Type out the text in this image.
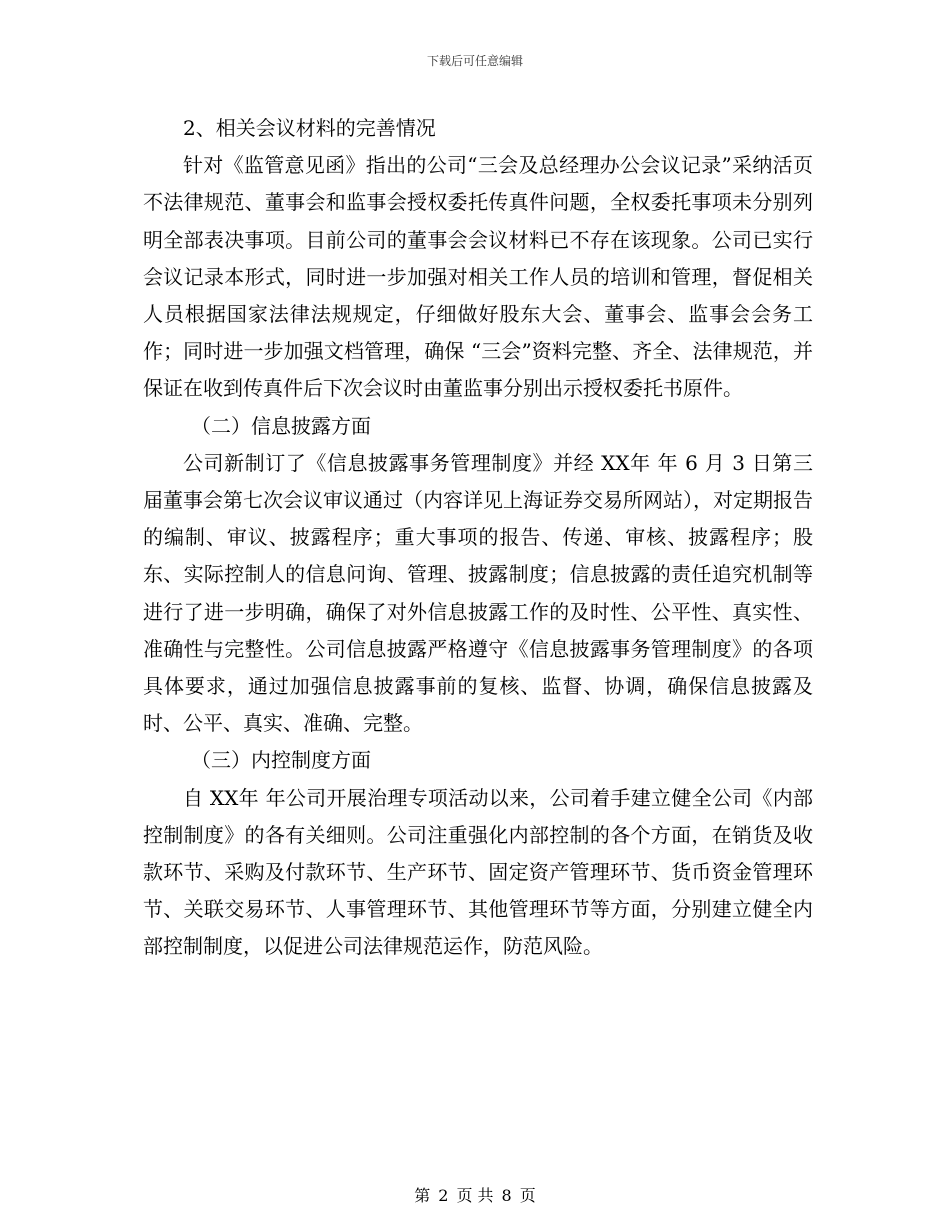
下载后可任意编辑

2、相关会议材料的完善情况

针对《监管意见函》指出的公司“三会及总经理办公会议记录”采纳活页不法律规范、董事会和监事会授权委托传真件问题，全权委托事项未分别列明全部表决事项。目前公司的董事会会议材料已不存在该现象。公司已实行会议记录本形式，同时进一步加强对相关工作人员的培训和管理，督促相关人员根据国家法律法规规定，仔细做好股东大会、董事会、监事会会务工作；同时进一步加强文档管理，确保 “三会”资料完整、齐全、法律规范，并保证在收到传真件后下次会议时由董监事分别出示授权委托书原件。

（二）信息披露方面

公司新制订了《信息披露事务管理制度》并经 XX年 年 6 月 3 日第三届董事会第七次会议审议通过（内容详见上海证券交易所网站），对定期报告的编制、审议、披露程序；重大事项的报告、传递、审核、披露程序；股东、实际控制人的信息问询、管理、披露制度；信息披露的责任追究机制等进行了进一步明确，确保了对外信息披露工作的及时性、公平性、真实性、准确性与完整性。公司信息披露严格遵守《信息披露事务管理制度》的各项具体要求，通过加强信息披露事前的复核、监督、协调，确保信息披露及时、公平、真实、准确、完整。

（三）内控制度方面

自 XX年 年公司开展治理专项活动以来，公司着手建立健全公司《内部控制制度》的各有关细则。公司注重强化内部控制的各个方面，在销货及收款环节、采购及付款环节、生产环节、固定资产管理环节、货币资金管理环节、关联交易环节、人事管理环节、其他管理环节等方面，分别建立健全内部控制制度，以促进公司法律规范运作，防范风险。

第 2 页 共 8 页
